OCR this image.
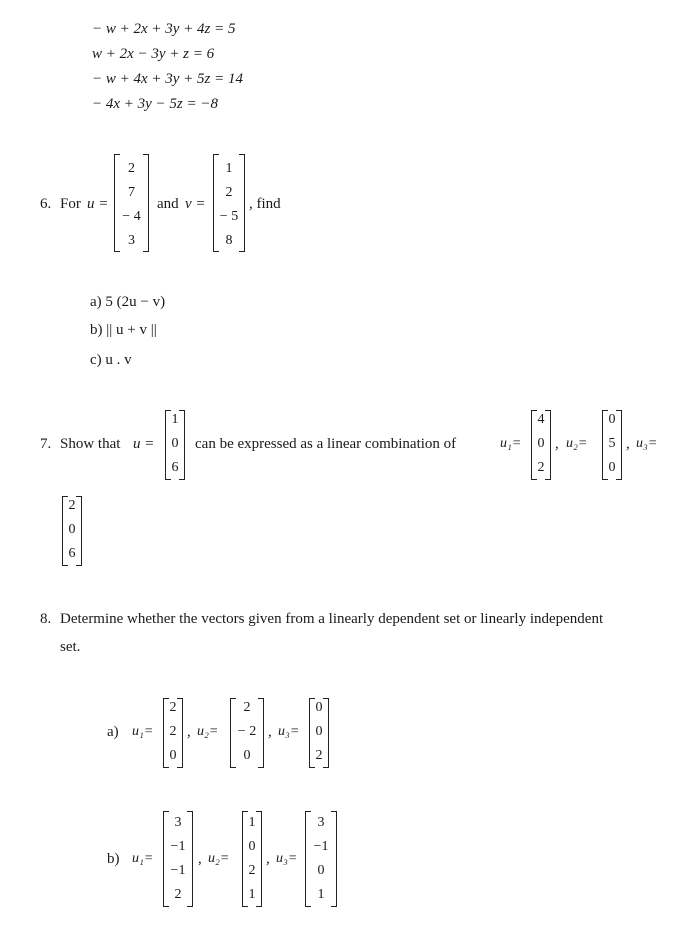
− w + 2x + 3y + 4z = 5
w + 2x − 3y + z = 6
− w + 4x + 3y + 5z = 14
− 4x + 3y − 5z = −8
6. For u =
2
7
− 4
3
and v =
1
2
− 5
8
, find
a) 5 (2u − v)
b) || u + v ||
c) u . v
7. Show that u =
1
0
6
can be expressed as a linear combination of	u₁=
4
0
2
, u₂=
0
5
0
, u₃=
2
0
6
8. Determine whether the vectors given from a linearly dependent set or linearly independent
set.
a) u₁=
2
2
0
, u₂=
2
− 2
0
, u₃=
0
0
2
b) u₁=
3
−1
−1
2
, u₂=
1
0
2
1
, u₃=
3
−1
0
1
